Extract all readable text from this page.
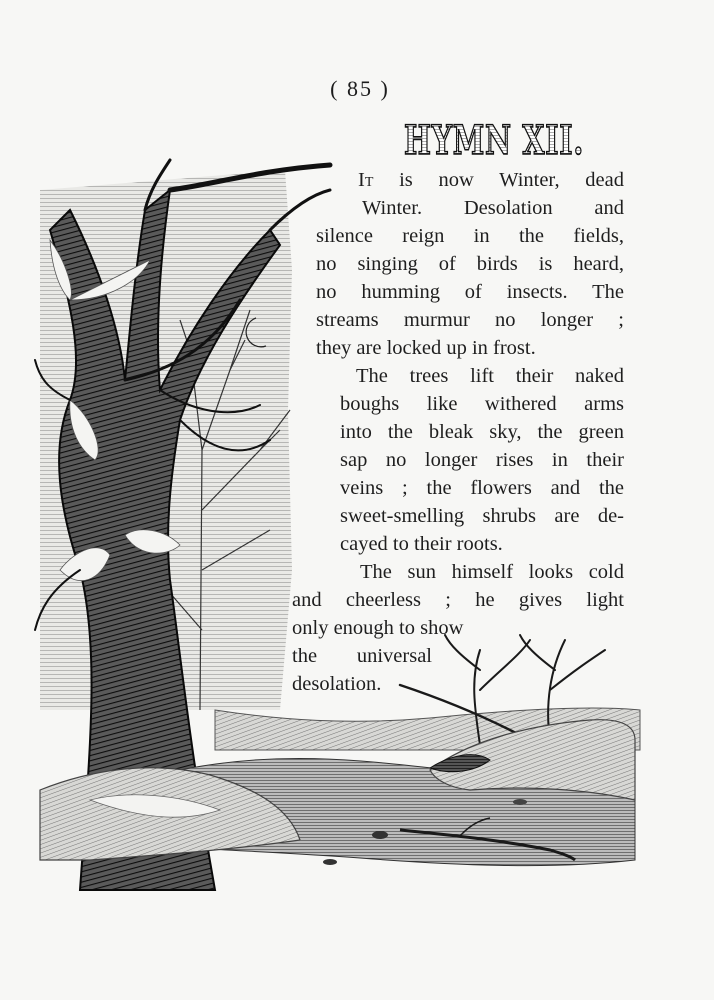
( 85 )
HYMN XII.
It is now Winter, dead
Winter. Desolation and
silence reign in the fields,
no singing of birds is heard,
no humming of insects. The
streams murmur no longer ;
they are locked up in frost.
The trees lift their naked
boughs like withered arms
into the bleak sky, the green
sap no longer rises in their
veins ; the flowers and the
sweet-smelling shrubs are de-
cayed to their roots.
The sun himself looks cold
and cheerless ; he gives light
only enough to show
the universal
desolation.
